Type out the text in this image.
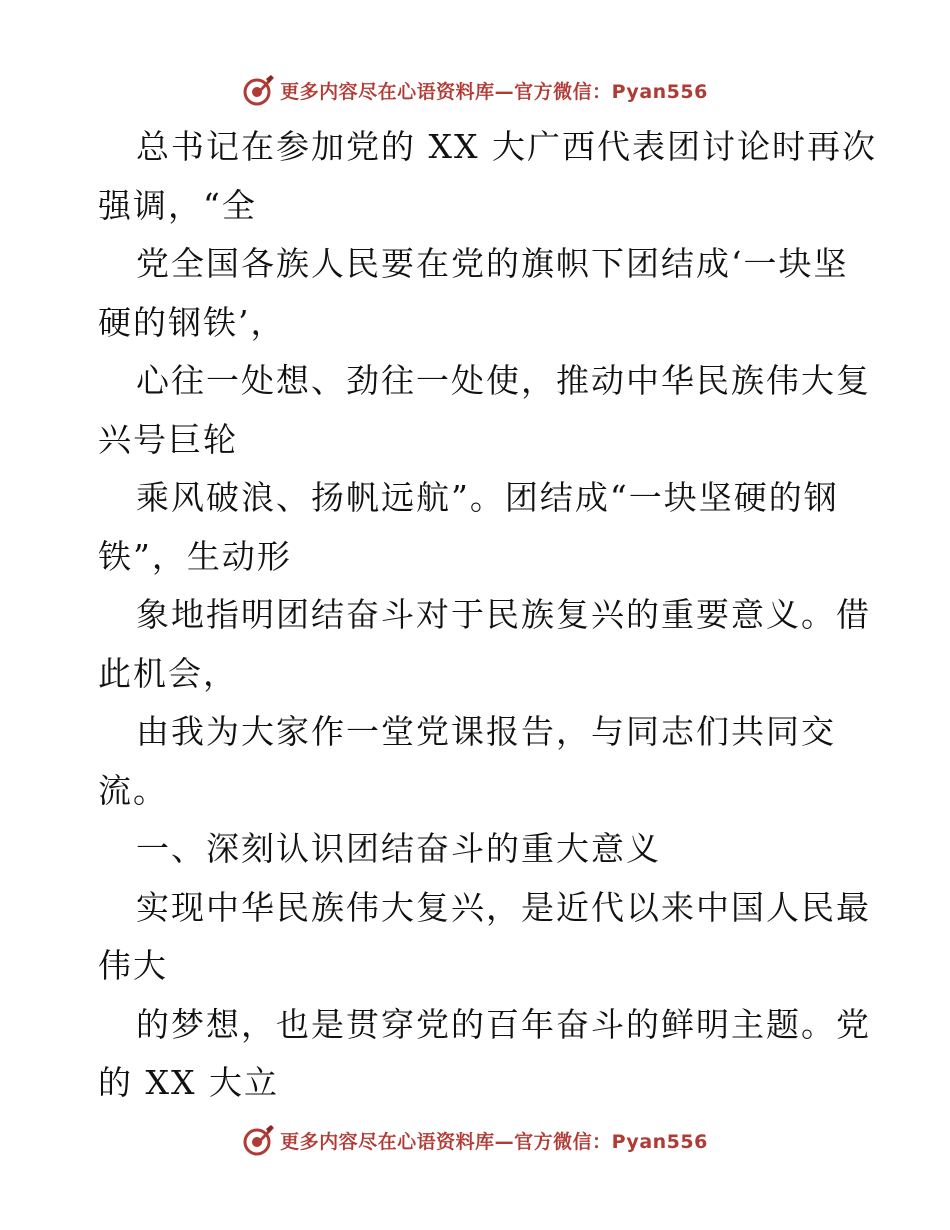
更多内容尽在心语资料库—官方微信：Pyan556
总书记在参加党的 XX 大广西代表团讨论时再次
强调，“全
党全国各族人民要在党的旗帜下团结成‘一块坚
硬的钢铁’，
心往一处想、劲往一处使，推动中华民族伟大复
兴号巨轮
乘风破浪、扬帆远航”。团结成“一块坚硬的钢
铁”，生动形
象地指明团结奋斗对于民族复兴的重要意义。借
此机会，
由我为大家作一堂党课报告，与同志们共同交
流。
一、深刻认识团结奋斗的重大意义
实现中华民族伟大复兴，是近代以来中国人民最
伟大
的梦想，也是贯穿党的百年奋斗的鲜明主题。党
的 XX 大立
更多内容尽在心语资料库—官方微信：Pyan556
